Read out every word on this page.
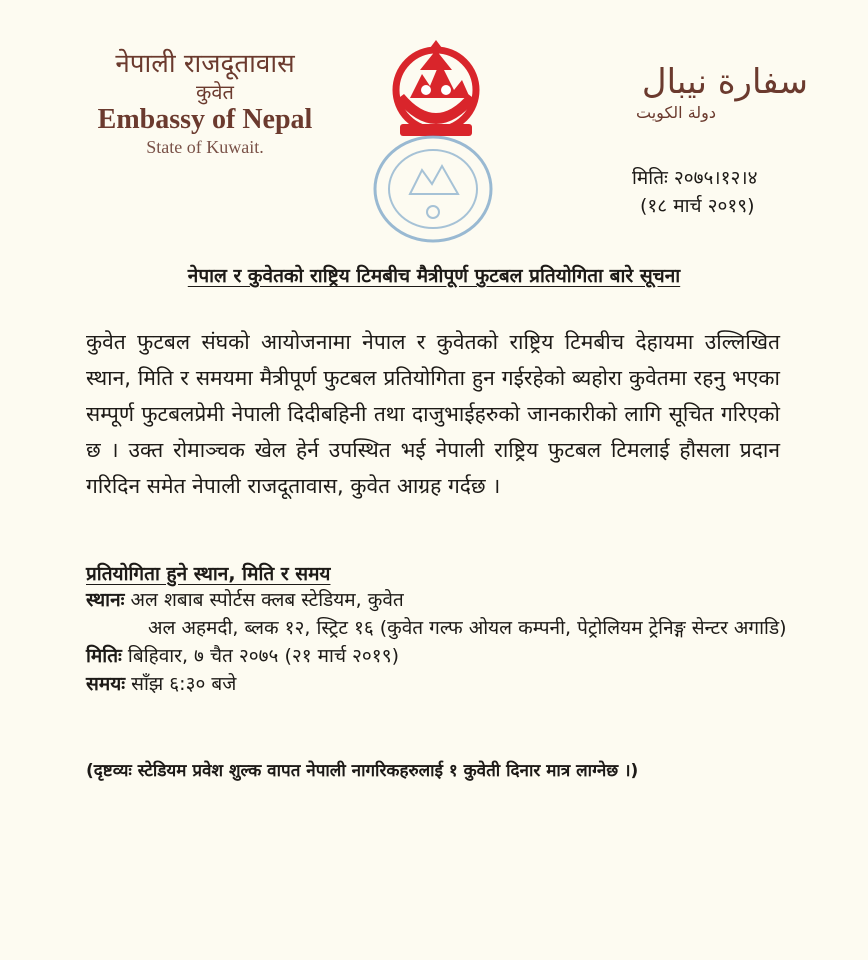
नेपाली राजदूतावास
कुवेत
Embassy of Nepal
State of Kuwait.
سفارة نيبال
دولة الكويت
मितिः २०७५।१२।४
(१८ मार्च २०१९)
नेपाल र कुवेतको राष्ट्रिय टिमबीच मैत्रीपूर्ण फुटबल प्रतियोगिता बारे सूचना
कुवेत फुटबल संघको आयोजनामा नेपाल र कुवेतको राष्ट्रिय टिमबीच देहायमा उल्लिखित स्थान, मिति र समयमा मैत्रीपूर्ण फुटबल प्रतियोगिता हुन गईरहेको ब्यहोरा कुवेतमा रहनु भएका सम्पूर्ण फुटबलप्रेमी नेपाली दिदीबहिनी तथा दाजुभाईहरुको जानकारीको लागि सूचित गरिएको छ । उक्त रोमाञ्चक खेल हेर्न उपस्थित भई नेपाली राष्ट्रिय फुटबल टिमलाई हौसला प्रदान गरिदिन समेत नेपाली राजदूतावास, कुवेत आग्रह गर्दछ ।
प्रतियोगिता हुने स्थान, मिति र समय
स्थानः अल शबाब स्पोर्टस क्लब स्टेडियम, कुवेत
अल अहमदी, ब्लक १२, स्ट्रिट १६ (कुवेत गल्फ ओयल कम्पनी, पेट्रोलियम ट्रेनिङ्ग सेन्टर अगाडि)
मितिः बिहिवार, ७ चैत २०७५ (२१ मार्च २०१९)
समयः साँझ ६:३० बजे
(दृष्टव्यः स्टेडियम प्रवेश शुल्क वापत नेपाली नागरिकहरुलाई १ कुवेती दिनार मात्र लाग्नेछ ।)
